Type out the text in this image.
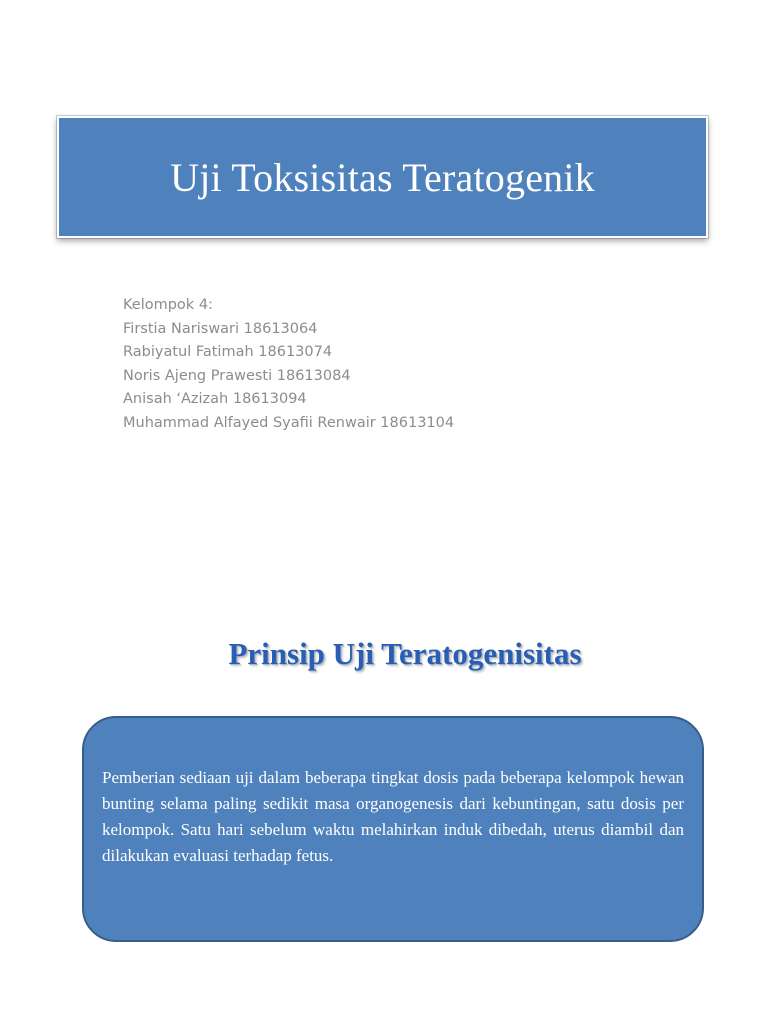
Uji Toksisitas Teratogenik
Kelompok 4:
Firstia Nariswari 18613064
Rabiyatul Fatimah 18613074
Noris Ajeng Prawesti 18613084
Anisah ‘Azizah 18613094
Muhammad Alfayed Syafii Renwair 18613104
Prinsip Uji Teratogenisitas
Pemberian sediaan uji dalam beberapa tingkat dosis pada beberapa kelompok hewan bunting selama paling sedikit masa organogenesis dari kebuntingan, satu dosis per kelompok. Satu hari sebelum waktu melahirkan induk dibedah, uterus diambil dan dilakukan evaluasi terhadap fetus.
